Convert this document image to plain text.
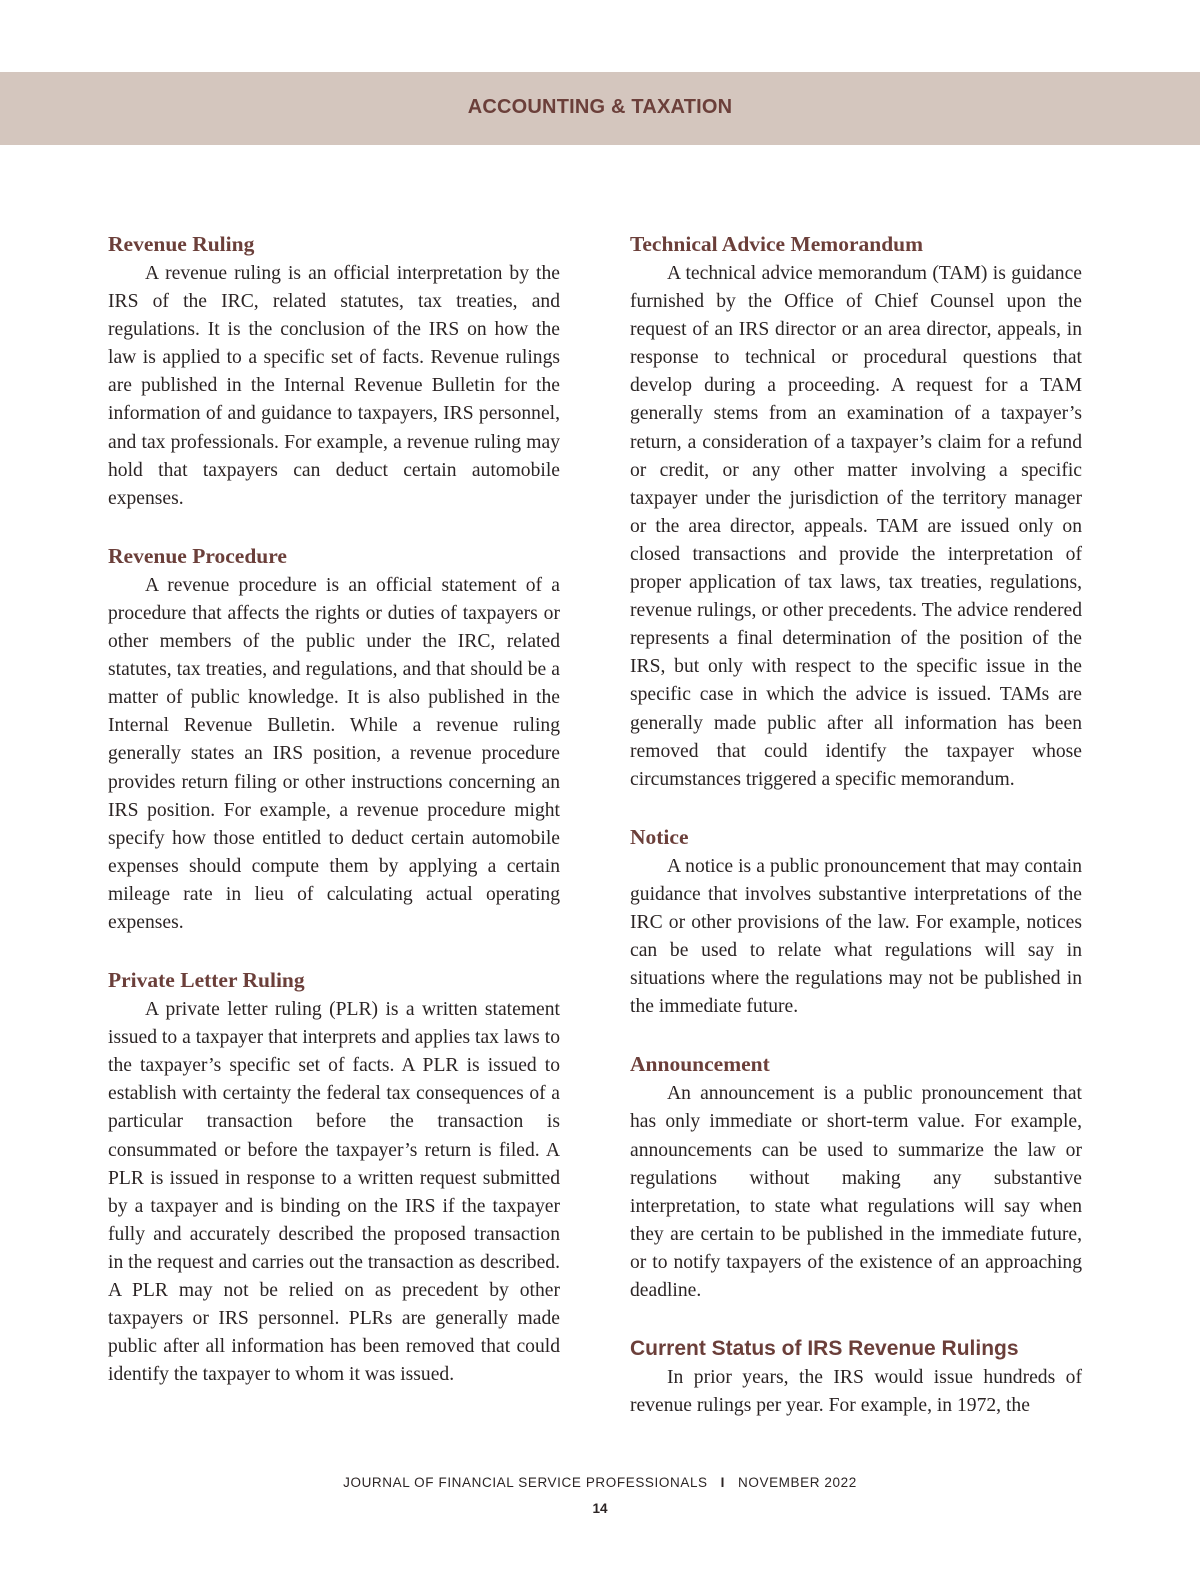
ACCOUNTING & TAXATION
Revenue Ruling

A revenue ruling is an official interpretation by the IRS of the IRC, related statutes, tax treaties, and regulations. It is the conclusion of the IRS on how the law is applied to a specific set of facts. Revenue rulings are published in the Internal Revenue Bulletin for the information of and guidance to taxpayers, IRS personnel, and tax professionals. For example, a revenue ruling may hold that taxpayers can deduct certain automobile expenses.

Revenue Procedure

A revenue procedure is an official statement of a procedure that affects the rights or duties of taxpayers or other members of the public under the IRC, related statutes, tax treaties, and regulations, and that should be a matter of public knowledge. It is also published in the Internal Revenue Bulletin. While a revenue ruling generally states an IRS position, a revenue procedure provides return filing or other instructions concerning an IRS position. For example, a revenue procedure might specify how those entitled to deduct certain automobile expenses should compute them by applying a certain mileage rate in lieu of calculating actual operating expenses.

Private Letter Ruling

A private letter ruling (PLR) is a written statement issued to a taxpayer that interprets and applies tax laws to the taxpayer’s specific set of facts. A PLR is issued to establish with certainty the federal tax consequences of a particular transaction before the transaction is consummated or before the taxpayer’s return is filed. A PLR is issued in response to a written request submitted by a taxpayer and is binding on the IRS if the taxpayer fully and accurately described the proposed transaction in the request and carries out the transaction as described. A PLR may not be relied on as precedent by other taxpayers or IRS personnel. PLRs are generally made public after all information has been removed that could identify the taxpayer to whom it was issued.

Technical Advice Memorandum

A technical advice memorandum (TAM) is guidance furnished by the Office of Chief Counsel upon the request of an IRS director or an area director, appeals, in response to technical or procedural questions that develop during a proceeding. A request for a TAM generally stems from an examination of a taxpayer’s return, a consideration of a taxpayer’s claim for a refund or credit, or any other matter involving a specific taxpayer under the jurisdiction of the territory manager or the area director, appeals. TAM are issued only on closed transactions and provide the interpretation of proper application of tax laws, tax treaties, regulations, revenue rulings, or other precedents. The advice rendered represents a final determination of the position of the IRS, but only with respect to the specific issue in the specific case in which the advice is issued. TAMs are generally made public after all information has been removed that could identify the taxpayer whose circumstances triggered a specific memorandum.

Notice

A notice is a public pronouncement that may contain guidance that involves substantive interpretations of the IRC or other provisions of the law. For example, notices can be used to relate what regulations will say in situations where the regulations may not be published in the immediate future.

Announcement

An announcement is a public pronouncement that has only immediate or short-term value. For example, announcements can be used to summarize the law or regulations without making any substantive interpretation, to state what regulations will say when they are certain to be published in the immediate future, or to notify taxpayers of the existence of an approaching deadline.

Current Status of IRS Revenue Rulings

In prior years, the IRS would issue hundreds of revenue rulings per year. For example, in 1972, the

JOURNAL OF FINANCIAL SERVICE PROFESSIONALS I NOVEMBER 2022
14
